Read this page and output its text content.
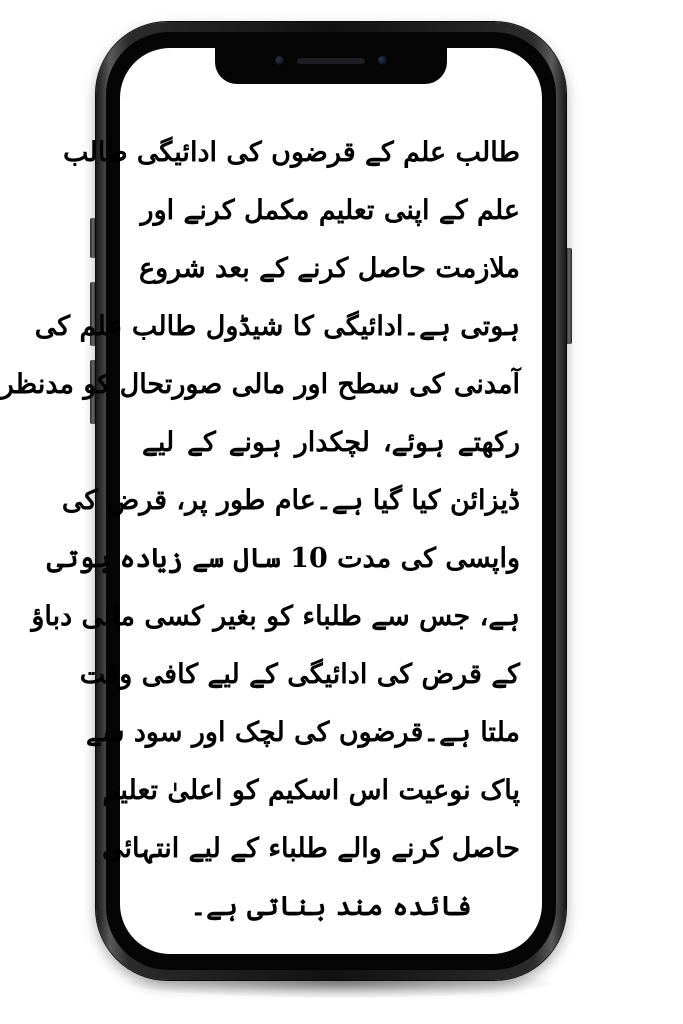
طالب علم کے قرضوں کی ادائیگی طالب
علم کے اپنی تعلیم مکمل کرنے اور
ملازمت حاصل کرنے کے بعد شروع
ہوتی ہے۔ادائیگی کا شیڈول طالب علم کی
آمدنی کی سطح اور مالی صورتحال کو مدنظر
رکھتے ہوئے، لچکدار ہونے کے لیے
ڈیزائن کیا گیا ہے۔عام طور پر، قرض کی
واپسی کی مدت 10 سال سے زیادہ ہوتی
ہے، جس سے طلباء کو بغیر کسی مالی دباؤ
کے قرض کی ادائیگی کے لیے کافی وقت
ملتا ہے۔قرضوں کی لچک اور سود سے
پاک نوعیت اس اسکیم کو اعلیٰ تعلیم
حاصل کرنے والے طلباء کے لیے انتہائی
فائدہ مند بناتی ہے۔
